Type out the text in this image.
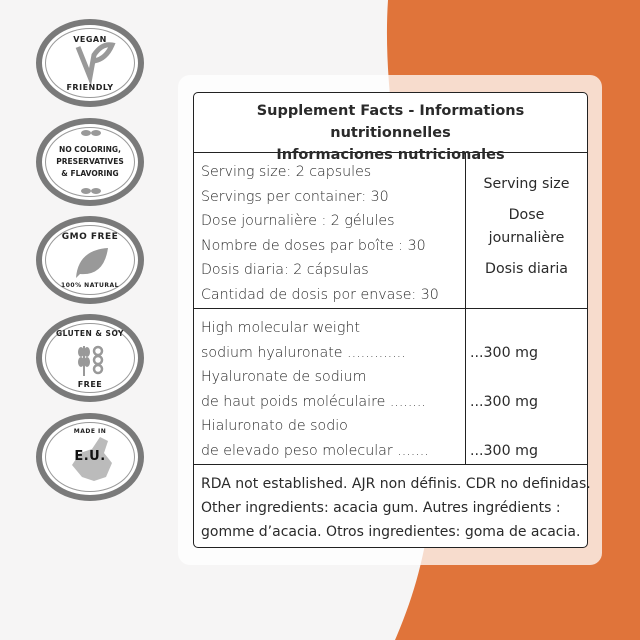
VEGAN
FRIENDLY
NO COLORING,
PRESERVATIVES
& FLAVORING
GMO FREE
100% NATURAL
GLUTEN & SOY
FREE
MADE IN
E.U.
Supplement Facts - Informations nutritionnelles
Informaciones nutricionales
Serving size: 2 capsules
Servings per container: 30
Dose journalière : 2 gélules
Nombre de doses par boîte : 30
Dosis diaria: 2 cápsulas
Cantidad de dosis por envase: 30
Serving size
Dose
journalière
Dosis diaria
High molecular weight
sodium hyaluronate .............
Hyaluronate de sodium
de haut poids moléculaire ........
Hialuronato de sodio
de elevado peso molecular .......
...300 mg
...300 mg
...300 mg
RDA not established. AJR non définis. CDR no definidas.
Other ingredients: acacia gum. Autres ingrédients :
gomme d’acacia. Otros ingredientes: goma de acacia.
